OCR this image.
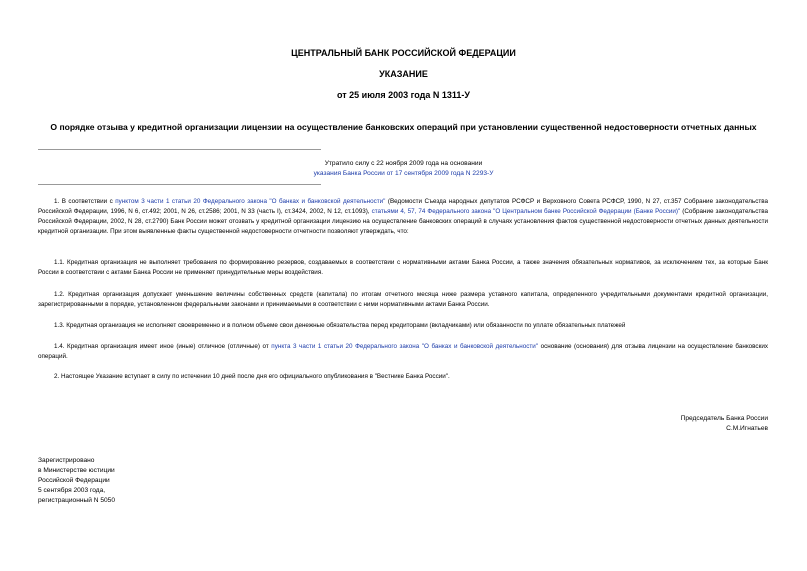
ЦЕНТРАЛЬНЫЙ БАНК РОССИЙСКОЙ ФЕДЕРАЦИИ
УКАЗАНИЕ
от 25 июля 2003 года N 1311-У
О порядке отзыва у кредитной организации лицензии на осуществление банковских операций при установлении существенной недостоверности отчетных данных
Утратило силу с 22 ноября 2009 года на основании
указания Банка России от 17 сентября 2009 года N 2293-У
1. В соответствии с пунктом 3 части 1 статьи 20 Федерального закона "О банках и банковской деятельности" (Ведомости Съезда народных депутатов РСФСР и Верховного Совета РСФСР, 1990, N 27, ст.357 Собрание законодательства Российской Федерации, 1996, N 6, ст.492; 2001, N 26, ст.2586; 2001, N 33 (часть I), ст.3424, 2002, N 12, ст.1093), статьями 4, 57, 74 Федерального закона "О Центральном банке Российской Федерации (Банке России)" (Собрание законодательства Российской Федерации, 2002, N 28, ст.2790) Банк России может отозвать у кредитной организации лицензию на осуществление банковских операций в случаях установления фактов существенной недостоверности отчетных данных деятельности кредитной организации. При этом выявленные факты существенной недостоверности отчетности позволяют утверждать, что:
1.1. Кредитная организация не выполняет требования по формированию резервов, создаваемых в соответствии с нормативными актами Банка России, а также значения обязательных нормативов, за исключением тех, за которые Банк России в соответствии с актами Банка России не применяет принудительные меры воздействия.
1.2. Кредитная организация допускает уменьшение величины собственных средств (капитала) по итогам отчетного месяца ниже размера уставного капитала, определенного учредительными документами кредитной организации, зарегистрированными в порядке, установленном федеральными законами и принимаемыми в соответствии с ними нормативными актами Банка России.
1.3. Кредитная организация не исполняет своевременно и в полном объеме свои денежные обязательства перед кредиторами (вкладчиками) или обязанности по уплате обязательных платежей
1.4. Кредитная организация имеет иное (иные) отличное (отличные) от пункта 3 части 1 статьи 20 Федерального закона "О банках и банковской деятельности" основание (основания) для отзыва лицензии на осуществление банковских операций.
2. Настоящее Указание вступает в силу по истечении 10 дней после дня его официального опубликования в "Вестнике Банка России".
Председатель Банка России
С.М.Игнатьев
Зарегистрировано
в Министерстве юстиции
Российской Федерации
5 сентября 2003 года,
регистрационный N 5050
